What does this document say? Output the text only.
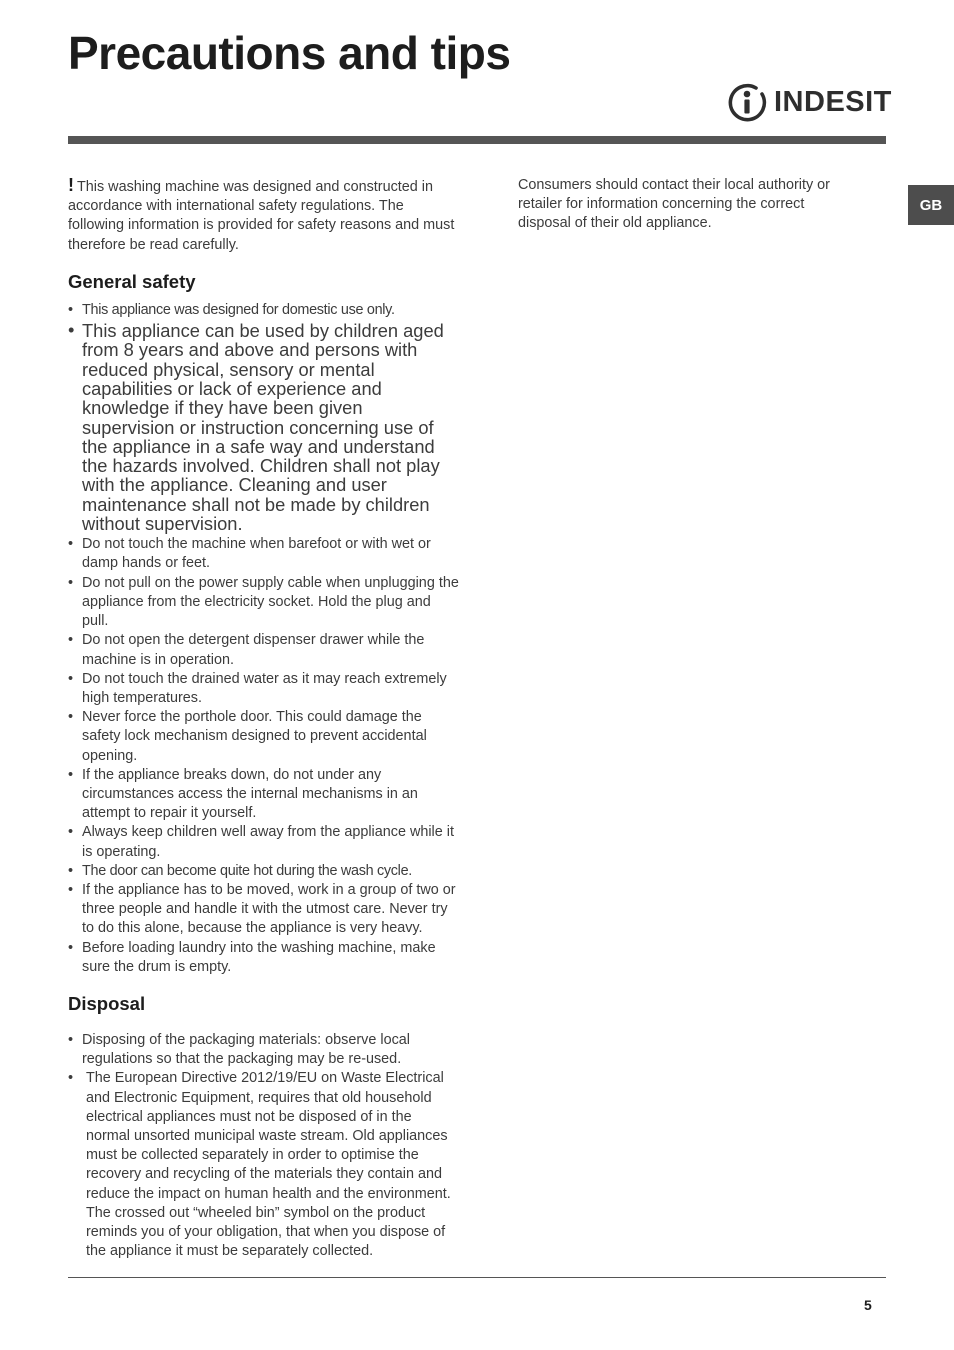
Precautions and tips
INDESIT
GB

! This washing machine was designed and constructed in accordance with international safety regulations. The following information is provided for safety reasons and must therefore be read carefully.

General safety
• This appliance was designed for domestic use only.
• This appliance can be used by children aged from 8 years and above and persons with reduced physical, sensory or mental capabilities or lack of experience and knowledge if they have been given supervision or instruction concerning use of the appliance in a safe way and understand the hazards involved. Children shall not play with the appliance. Cleaning and user maintenance shall not be made by children without supervision.
• Do not touch the machine when barefoot or with wet or damp hands or feet.
• Do not pull on the power supply cable when unplugging the appliance from the electricity socket. Hold the plug and pull.
• Do not open the detergent dispenser drawer while the machine is in operation.
• Do not touch the drained water as it may reach extremely high temperatures.
• Never force the porthole door. This could damage the safety lock mechanism designed to prevent accidental opening.
• If the appliance breaks down, do not under any circumstances access the internal mechanisms in an attempt to repair it yourself.
• Always keep children well away from the appliance while it is operating.
• The door can become quite hot during the wash cycle.
• If the appliance has to be moved, work in a group of two or three people and handle it with the utmost care. Never try to do this alone, because the appliance is very heavy.
• Before loading laundry into the washing machine, make sure the drum is empty.
Disposal
• Disposing of the packaging materials: observe local regulations so that the packaging may be re-used.
• The European Directive 2012/19/EU on Waste Electrical and Electronic Equipment, requires that old household electrical appliances must not be disposed of in the normal unsorted municipal waste stream. Old appliances must be collected separately in order to optimise the recovery and recycling of the materials they contain and reduce the impact on human health and the environment. The crossed out “wheeled bin” symbol on the product reminds you of your obligation, that when you dispose of the appliance it must be separately collected.

Consumers should contact their local authority or retailer for information concerning the correct disposal of their old appliance.

5
